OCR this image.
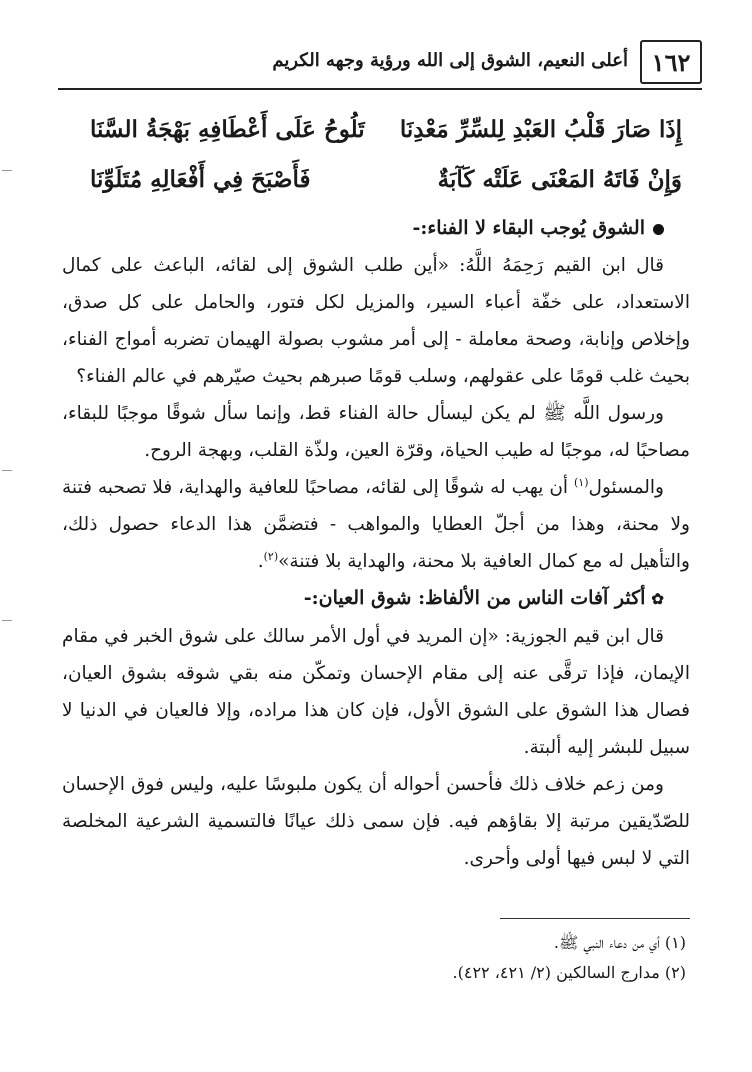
١٦٢
أعلى النعيم، الشوق إلى الله ورؤية وجهه الكريم
إِذَا صَارَ قَلْبُ العَبْدِ لِلسِّرِّ مَعْدِنَا
تَلُوحُ عَلَى أَعْطَافِهِ بَهْجَةُ السَّنَا
وَإِنْ فَاتَهُ المَعْنَى عَلَتْه كَآبَةٌ
فَأَصْبَحَ فِي أَفْعَالِهِ مُتَلَوِّنَا

الشوق يُوجب البقاء لا الفناء:-

قال ابن القيم رَحِمَهُ اللَّهُ: «أين طلب الشوق إلى لقائه، الباعث على كمال الاستعداد، على خفّة أعباء السير، والمزيل لكل فتور، والحامل على كل صدق، وإخلاص وإنابة، وصحة معاملة - إلى أمر مشوب بصولة الهيمان تضربه أمواج الفناء، بحيث غلب قومًا على عقولهم، وسلب قومًا صبرهم بحيث صيّرهم في عالم الفناء؟

ورسول اللَّه ﷺ لم يكن ليسأل حالة الفناء قط، وإنما سأل شوقًا موجبًا للبقاء، مصاحبًا له، موجبًا له طيب الحياة، وقرّة العين، ولذّة القلب، وبهجة الروح.

والمسئول$^{(١)}$ أن يهب له شوقًا إلى لقائه، مصاحبًا للعافية والهداية، فلا تصحبه فتنة ولا محنة، وهذا من أجلّ العطايا والمواهب - فتضمَّن هذا الدعاء حصول ذلك، والتأهيل له مع كمال العافية بلا محنة، والهداية بلا فتنة»$^{(٢)}$.

✿أكثر آفات الناس من الألفاظ: شوق العيان:-

قال ابن قيم الجوزية: «إن المريد في أول الأمر سالك على شوق الخبر في مقام الإيمان، فإذا ترقَّى عنه إلى مقام الإحسان وتمكّن منه بقي شوقه بشوق العيان، فصال هذا الشوق على الشوق الأول، فإن كان هذا مراده، وإلا فالعيان في الدنيا لا سبيل للبشر إليه ألبتة.

ومن زعم خلاف ذلك فأحسن أحواله أن يكون ملبوسًا عليه، وليس فوق الإحسان للصّدّيقين مرتبة إلا بقاؤهم فيه. فإن سمى ذلك عيانًا فالتسمية الشرعية المخلصة التي لا لبس فيها أولى وأحرى.

(١) أي من دعاء النبي ﷺ.
(٢) مدارج السالكين (٢/ ٤٢١، ٤٢٢).
